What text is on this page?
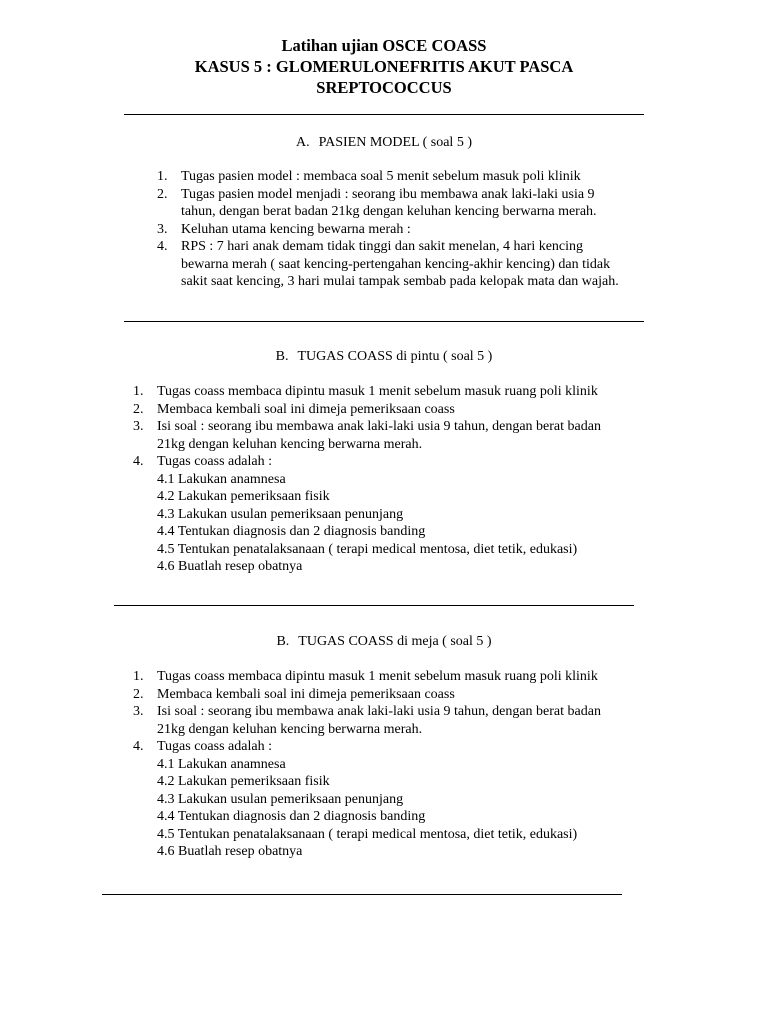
Latihan ujian OSCE COASS
KASUS 5 : GLOMERULONEFRITIS AKUT PASCA
SREPTOCOCCUS
A. PASIEN MODEL ( soal 5 )
1. Tugas pasien model : membaca soal 5 menit sebelum masuk poli klinik
2. Tugas pasien model menjadi : seorang ibu membawa anak laki-laki usia 9
tahun, dengan berat badan 21kg dengan keluhan kencing berwarna merah.
3. Keluhan utama kencing bewarna merah :
4. RPS : 7 hari anak demam tidak tinggi dan sakit menelan, 4 hari kencing
bewarna merah ( saat kencing-pertengahan kencing-akhir kencing) dan tidak
sakit saat kencing, 3 hari mulai tampak sembab pada kelopak mata dan wajah.
B. TUGAS COASS di pintu ( soal 5 )
1. Tugas coass membaca dipintu masuk 1 menit sebelum masuk ruang poli klinik
2. Membaca kembali soal ini dimeja pemeriksaan coass
3. Isi soal : seorang ibu membawa anak laki-laki usia 9 tahun, dengan berat badan
21kg dengan keluhan kencing berwarna merah.
4. Tugas coass adalah :
4.1 Lakukan anamnesa
4.2 Lakukan pemeriksaan fisik
4.3 Lakukan usulan pemeriksaan penunjang
4.4 Tentukan diagnosis dan 2 diagnosis banding
4.5 Tentukan penatalaksanaan ( terapi medical mentosa, diet tetik, edukasi)
4.6 Buatlah resep obatnya
B. TUGAS COASS di meja ( soal 5 )
1. Tugas coass membaca dipintu masuk 1 menit sebelum masuk ruang poli klinik
2. Membaca kembali soal ini dimeja pemeriksaan coass
3. Isi soal : seorang ibu membawa anak laki-laki usia 9 tahun, dengan berat badan
21kg dengan keluhan kencing berwarna merah.
4. Tugas coass adalah :
4.1 Lakukan anamnesa
4.2 Lakukan pemeriksaan fisik
4.3 Lakukan usulan pemeriksaan penunjang
4.4 Tentukan diagnosis dan 2 diagnosis banding
4.5 Tentukan penatalaksanaan ( terapi medical mentosa, diet tetik, edukasi)
4.6 Buatlah resep obatnya
